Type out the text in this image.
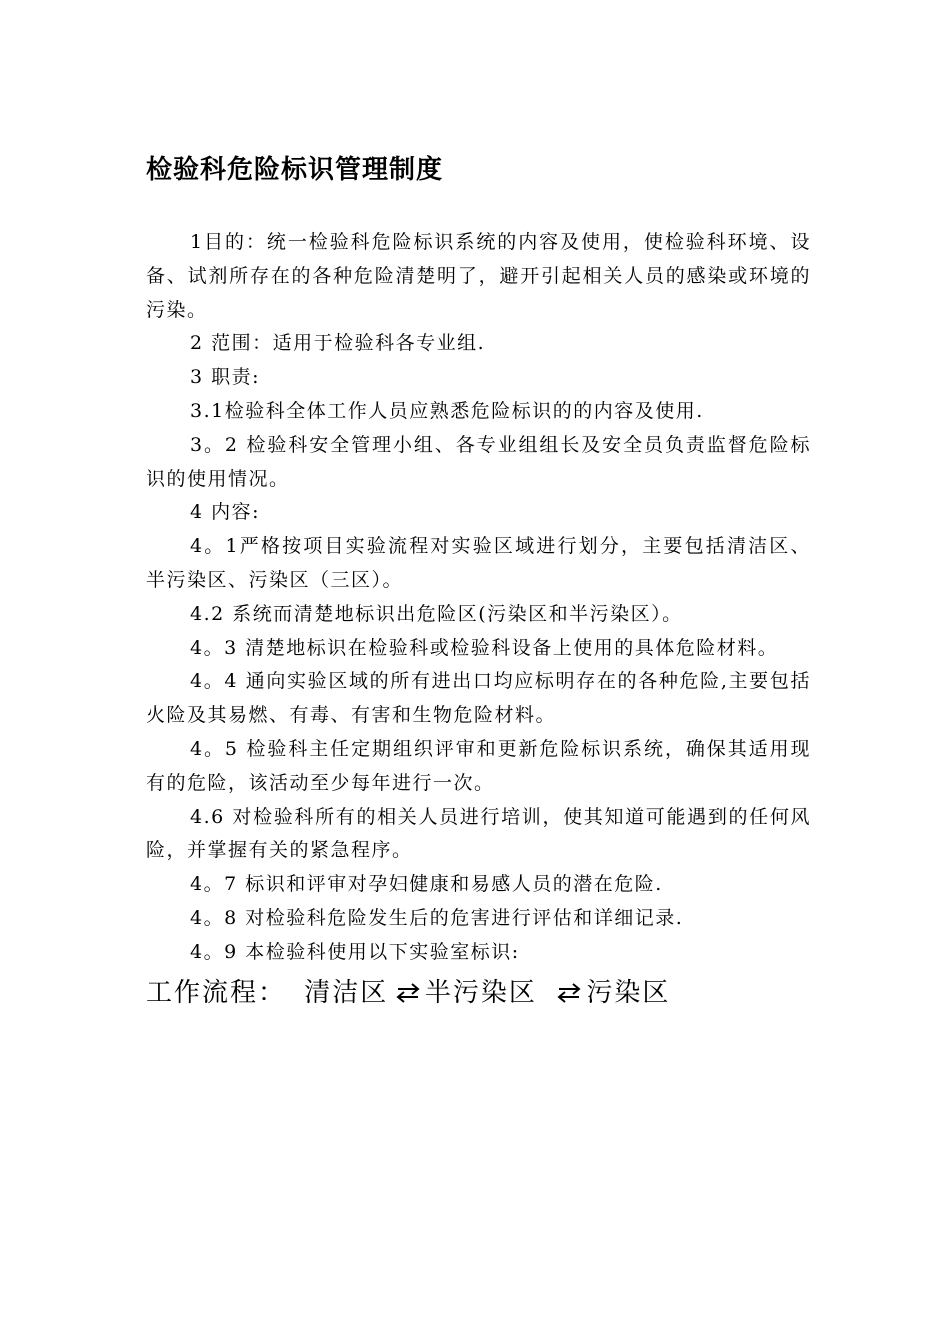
检验科危险标识管理制度

1目的：统一检验科危险标识系统的内容及使用，使检验科环境、设备、试剂所存在的各种危险清楚明了，避开引起相关人员的感染或环境的污染。

2 范围：适用于检验科各专业组.

3 职责:

3.1检验科全体工作人员应熟悉危险标识的的内容及使用.

3。2 检验科安全管理小组、各专业组组长及安全员负责监督危险标识的使用情况。

4 内容:

4。1严格按项目实验流程对实验区域进行划分，主要包括清洁区、半污染区、污染区（三区）。

4.2 系统而清楚地标识出危险区(污染区和半污染区）。

4。3 清楚地标识在检验科或检验科设备上使用的具体危险材料。

4。4 通向实验区域的所有进出口均应标明存在的各种危险,主要包括火险及其易燃、有毒、有害和生物危险材料。

4。5 检验科主任定期组织评审和更新危险标识系统，确保其适用现有的危险，该活动至少每年进行一次。

4.6 对检验科所有的相关人员进行培训，使其知道可能遇到的任何风险，并掌握有关的紧急程序。

4。7 标识和评审对孕妇健康和易感人员的潜在危险.

4。8 对检验科危险发生后的危害进行评估和详细记录.

4。9 本检验科使用以下实验室标识:

工作流程： 清洁区 半污染区 污染区
